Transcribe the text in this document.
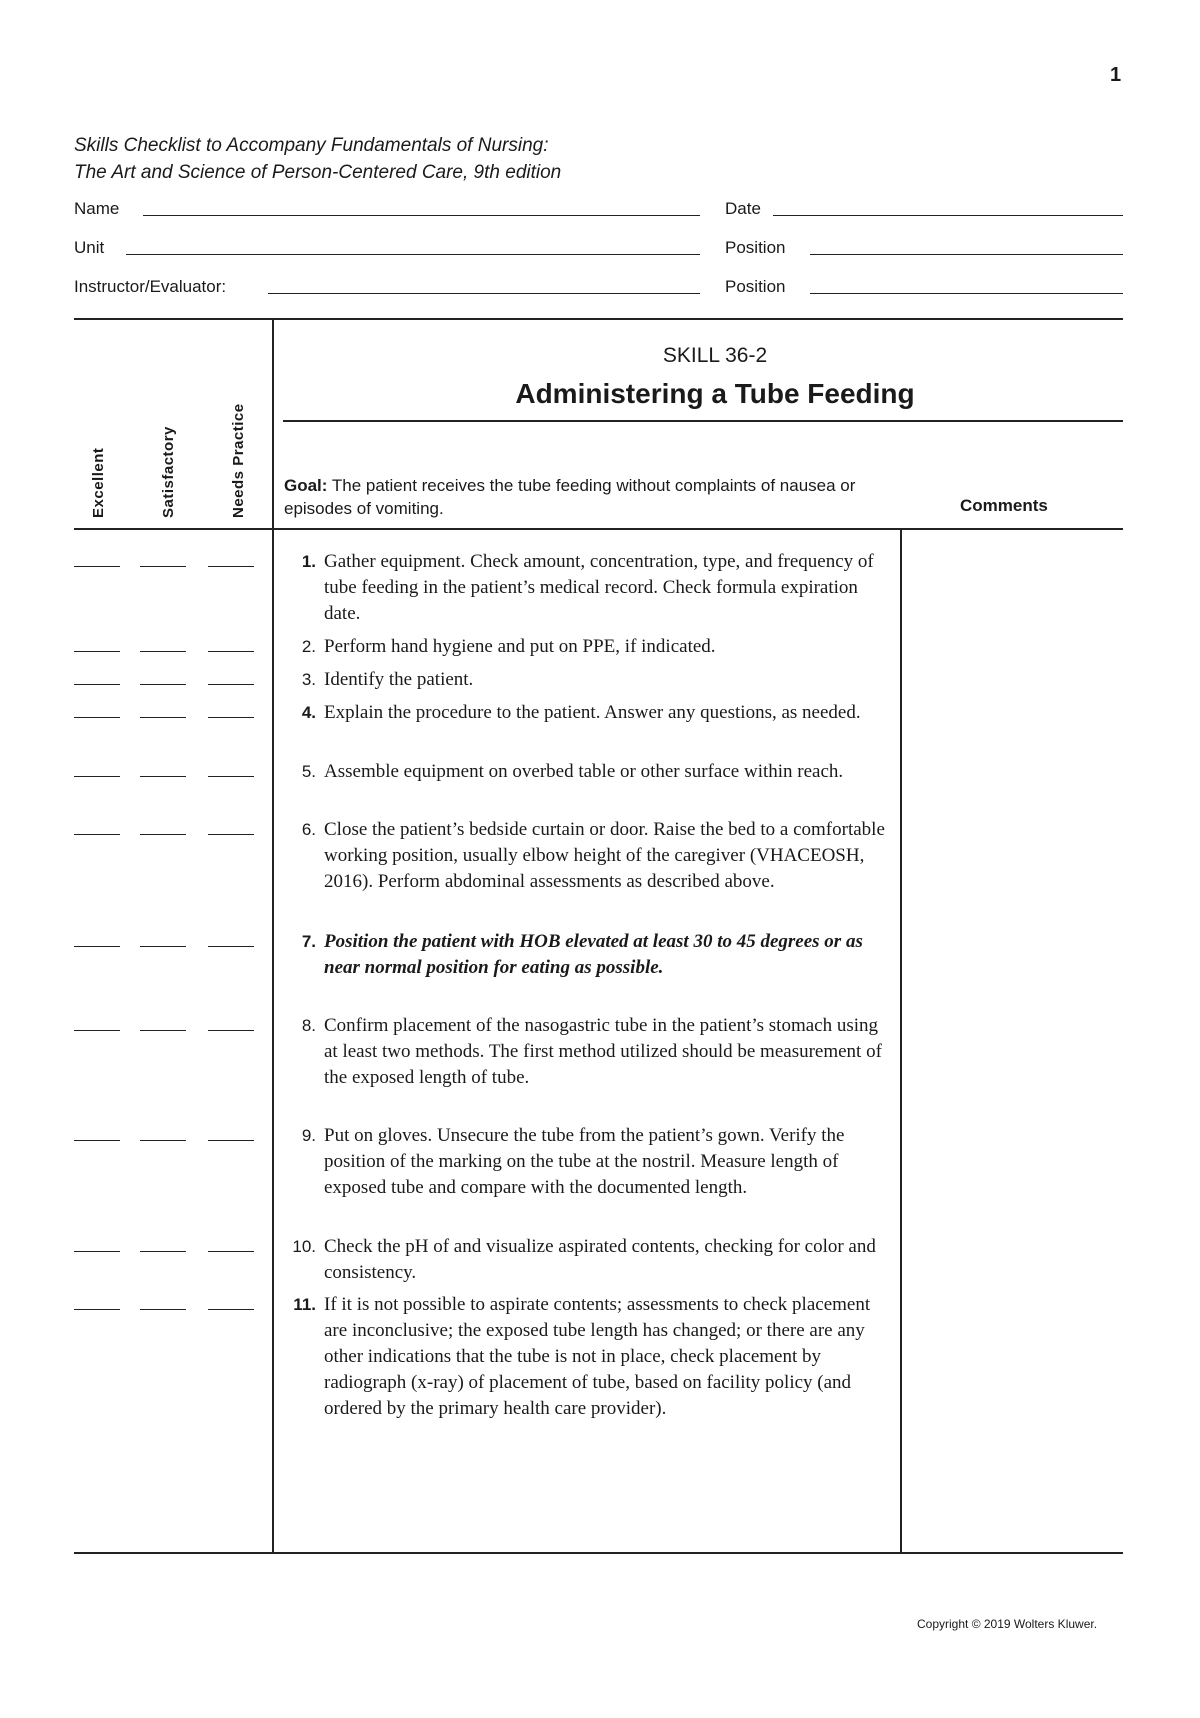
1
Skills Checklist to Accompany Fundamentals of Nursing:
The Art and Science of Person-Centered Care, 9th edition
Name	Date
Unit	Position
Instructor/Evaluator:	Position
Excellent	Satisfactory	Needs Practice
SKILL 36-2
Administering a Tube Feeding
Goal: The patient receives the tube feeding without complaints of nausea or episodes of vomiting.	Comments
1. Gather equipment. Check amount, concentration, type, and frequency of tube feeding in the patient’s medical record. Check formula expiration date.
2. Perform hand hygiene and put on PPE, if indicated.
3. Identify the patient.
4. Explain the procedure to the patient. Answer any questions, as needed.
5. Assemble equipment on overbed table or other surface within reach.
6. Close the patient’s bedside curtain or door. Raise the bed to a comfortable working position, usually elbow height of the caregiver (VHACEOSH, 2016). Perform abdominal assessments as described above.
7. Position the patient with HOB elevated at least 30 to 45 degrees or as near normal position for eating as possible.
8. Confirm placement of the nasogastric tube in the patient’s stomach using at least two methods. The first method utilized should be measurement of the exposed length of tube.
9. Put on gloves. Unsecure the tube from the patient’s gown. Verify the position of the marking on the tube at the nostril. Measure length of exposed tube and compare with the documented length.
10. Check the pH of and visualize aspirated contents, checking for color and consistency.
11. If it is not possible to aspirate contents; assessments to check placement are inconclusive; the exposed tube length has changed; or there are any other indications that the tube is not in place, check placement by radiograph (x-ray) of placement of tube, based on facility policy (and ordered by the primary health care provider).
Copyright © 2019 Wolters Kluwer.
